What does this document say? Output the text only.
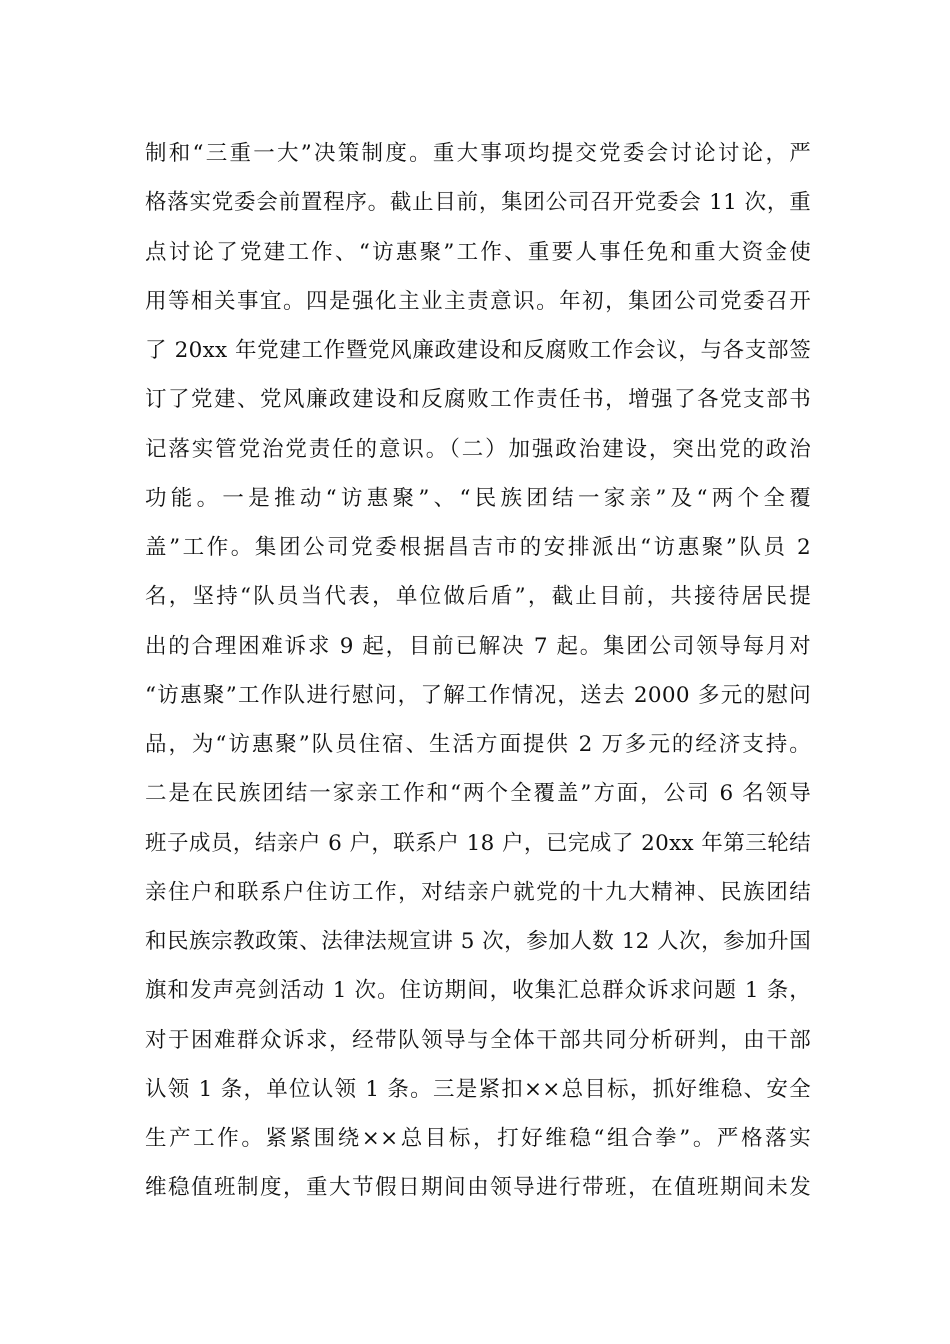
制和“三重一大”决策制度。重大事项均提交党委会讨论讨论，严
格落实党委会前置程序。截止目前，集团公司召开党委会 11 次，重
点讨论了党建工作、“访惠聚”工作、重要人事任免和重大资金使
用等相关事宜。四是强化主业主责意识。年初，集团公司党委召开
了 20xx 年党建工作暨党风廉政建设和反腐败工作会议，与各支部签
订了党建、党风廉政建设和反腐败工作责任书，增强了各党支部书
记落实管党治党责任的意识。（二）加强政治建设，突出党的政治
功能。一是推动“访惠聚”、“民族团结一家亲”及“两个全覆
盖”工作。集团公司党委根据昌吉市的安排派出“访惠聚”队员 2
名，坚持“队员当代表，单位做后盾”，截止目前，共接待居民提
出的合理困难诉求 9 起，目前已解决 7 起。集团公司领导每月对
“访惠聚”工作队进行慰问，了解工作情况，送去 2000 多元的慰问
品，为“访惠聚”队员住宿、生活方面提供 2 万多元的经济支持。
二是在民族团结一家亲工作和“两个全覆盖”方面，公司 6 名领导
班子成员，结亲户 6 户，联系户 18 户，已完成了 20xx 年第三轮结
亲住户和联系户住访工作，对结亲户就党的十九大精神、民族团结
和民族宗教政策、法律法规宣讲 5 次，参加人数 12 人次，参加升国
旗和发声亮剑活动 1 次。住访期间，收集汇总群众诉求问题 1 条，
对于困难群众诉求，经带队领导与全体干部共同分析研判，由干部
认领 1 条，单位认领 1 条。三是紧扣××总目标，抓好维稳、安全
生产工作。紧紧围绕××总目标，打好维稳“组合拳”。严格落实
维稳值班制度，重大节假日期间由领导进行带班，在值班期间未发
